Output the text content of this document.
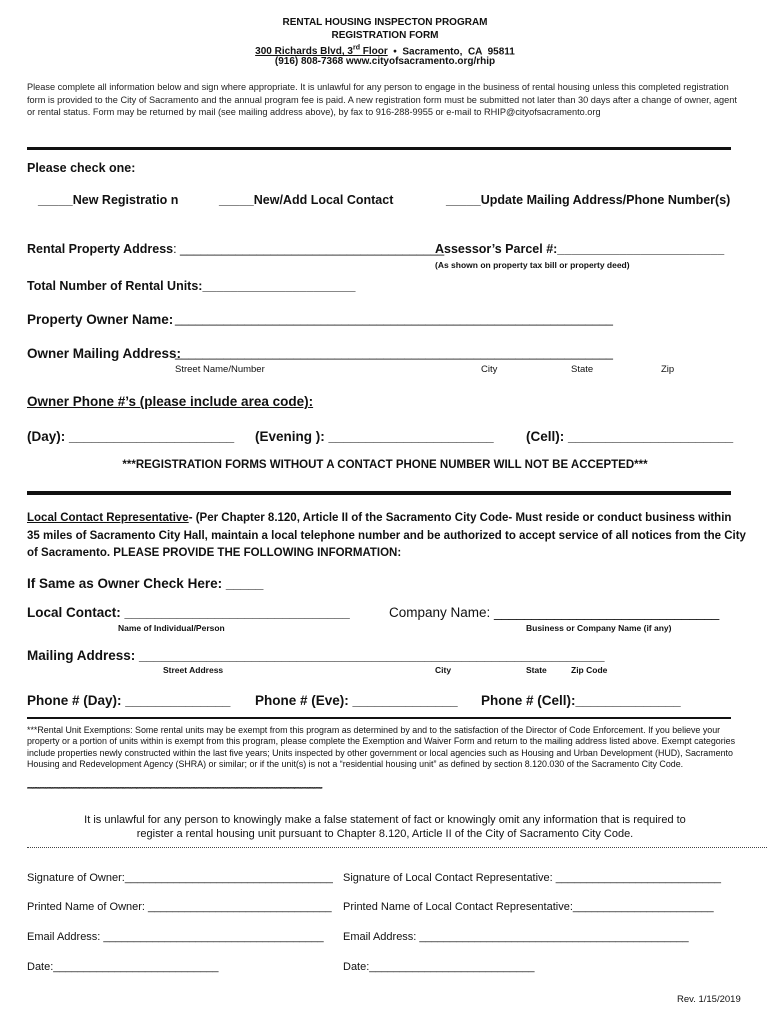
RENTAL HOUSING INSPECTON PROGRAM
REGISTRATION FORM
300 Richards Blvd, 3rd Floor  •  Sacramento,  CA  95811
(916) 808-7368 www.cityofsacramento.org/rhip
Please complete all information below and sign where appropriate. It is unlawful for any person to engage in the business of rental housing unless this completed registration form is provided to the City of Sacramento and the annual program fee is paid. A new registration form must be submitted not later than 30 days after a change of owner, agent or rental status. Form may be returned by mail (see mailing address above), by fax to 916-288-9955 or e-mail to RHIP@cityofsacramento.org
Please check one:
_____New Registratio n	_____New/Add Local Contact	_____Update Mailing Address/Phone Number(s)
Rental Property Address: ______________________________________
Assessor’s Parcel #:________________________
(As shown on property tax bill or property deed)
Total Number of Rental Units:______________________
Property Owner Name: _______________________________________________________________
Owner Mailing Address:
_______________________________________________________________
Street Name/Number	City	State	Zip
Owner Phone #’s (please include area code):
(Day): ______________________ (Evening ): ______________________ (Cell): ______________________
***REGISTRATION FORMS WITHOUT A CONTACT PHONE NUMBER WILL NOT BE ACCEPTED***
Local Contact Representative- (Per Chapter 8.120, Article II of the Sacramento City Code- Must reside or conduct business within 35 miles of Sacramento City Hall, maintain a local telephone number and be authorized to accept service of all notices from the City of Sacramento. PLEASE PROVIDE THE FOLLOWING INFORMATION:
If Same as Owner Check Here: _____
Local Contact: ______________________________
Name of Individual/Person
Company Name: ______________________________
Business or Company Name (if any)
Mailing Address: ______________________________________________________________
Street Address	City	State	Zip Code
Phone # (Day): ______________ Phone # (Eve): ______________ Phone # (Cell):______________
***Rental Unit Exemptions: Some rental units may be exempt from this program as determined by and to the satisfaction of the Director of Code Enforcement. If you believe your property or a portion of units within is exempt from this program, please complete the Exemption and Waiver Form and return to the mailing address listed above. Exempt categories include properties newly constructed within the last five years; Units inspected by other government or local agencies such as Housing and Urban Development (HUD), Sacramento Housing and Redevelopment Agency (SHRA) or similar; or if the unit(s) is not a “residential housing unit” as defined by section 8.120.030 of the Sacramento City Code.
**************************************************************************************************************************************************************************
It is unlawful for any person to knowingly make a false statement of fact or knowingly omit any information that is required to
register a rental housing unit pursuant to Chapter 8.120, Article II of the City of Sacramento City Code.
Signature of Owner:__________________________________ Signature of Local Contact Representative: ___________________________
Printed Name of Owner: ______________________________ Printed Name of Local Contact Representative:_______________________
Email Address: ____________________________________ Email Address: ____________________________________________
Date:___________________________	Date:___________________________
Rev. 1/15/2019
